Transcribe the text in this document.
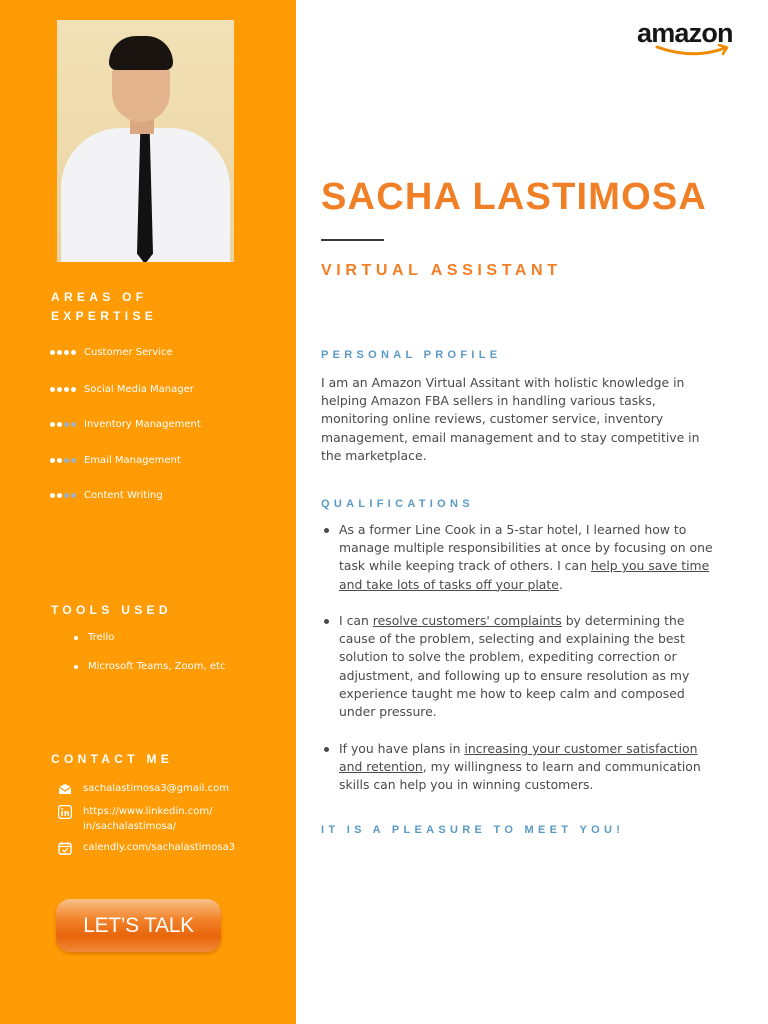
AREAS OF
EXPERTISE
Customer Service
Social Media Manager
Inventory Management
Email Management
Content Writing
TOOLS USED
Trello
Microsoft Teams, Zoom, etc
CONTACT ME
sachalastimosa3@gmail.com
https://www.linkedin.com/
in/sachalastimosa/
calendly.com/sachalastimosa3
LET’S TALK
amazon
SACHA LASTIMOSA
VIRTUAL ASSISTANT
PERSONAL PROFILE
I am an Amazon Virtual Assitant with holistic knowledge in helping Amazon FBA sellers in handling various tasks, monitoring online reviews, customer service, inventory management, email management and to stay competitive in the marketplace.
QUALIFICATIONS
As a former Line Cook in a 5-star hotel, I learned how to manage multiple responsibilities at once by focusing on one task while keeping track of others. I can help you save time and take lots of tasks off your plate.
I can resolve customers' complaints by determining the cause of the problem, selecting and explaining the best solution to solve the problem, expediting correction or adjustment, and following up to ensure resolution as my experience taught me how to keep calm and composed under pressure.
If you have plans in increasing your customer satisfaction and retention, my willingness to learn and communication skills can help you in winning customers.
IT IS A PLEASURE TO MEET YOU!
